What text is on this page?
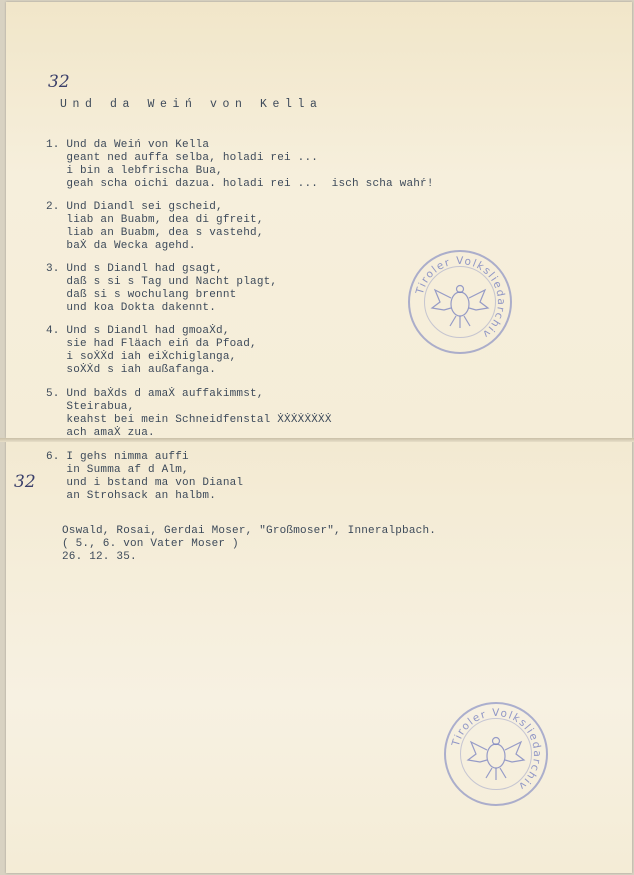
32
32
Und da Weiń von Kella
1. Und da Weiń von Kella
geant ned auffa selba, holadi rei ...
i bin a lebfrischa Bua,
geah scha oichi dazua. holadi rei ...  isch scha wahŕ!
2. Und Diandl sei gscheid,
liab an Buabm, dea di gfreit,
liab an Buabm, dea s vastehd,
baẊ da Wecka agehd.
3. Und s Diandl had gsagt,
daß s si s Tag und Nacht plagt,
daß si s wochulang brennt
und koa Dokta dakennt.
4. Und s Diandl had gmoaẊd,
sie had Fläach eiń da Pfoad,
i soẊẊd iah eiẊchiglanga,
soẊẊd s iah außafanga.
5. Und baẊds d amaẊ auffakimmst,
Steirabua,
keahst bei mein Schneidfenstal ẊẊẊẊẊẊẊẊ
ach amaẊ zua.
6. I gehs nimma auffi
in Summa af d Alm,
und i bstand ma von Dianal
an Strohsack an halbm.
Oswald, Rosai, Gerdai Moser, "Großmoser", Inneralpbach.
( 5., 6. von Vater Moser )
26. 12. 35.
Tiroler Volksliedarchiv
Tiroler Volksliedarchiv
